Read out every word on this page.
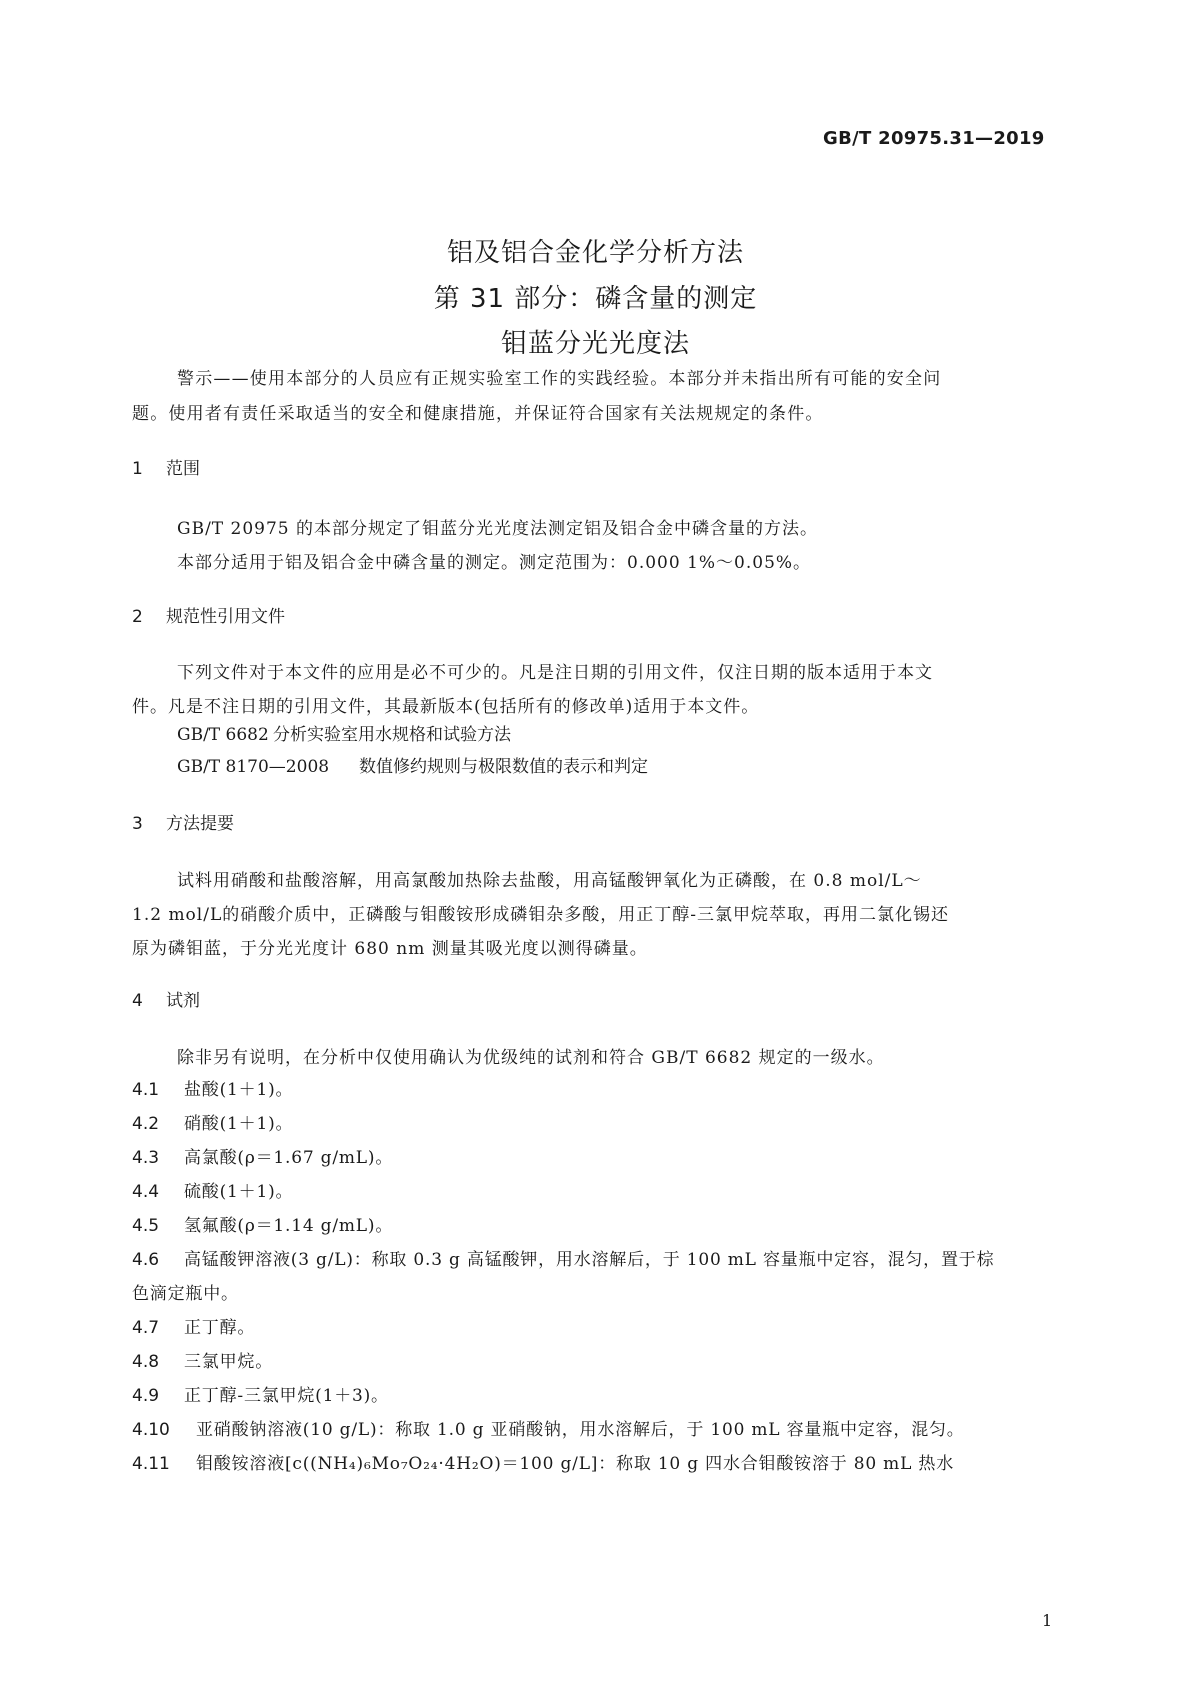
GB/T 20975.31—2019
铝及铝合金化学分析方法
第 31 部分：磷含量的测定
钼蓝分光光度法

警示——使用本部分的人员应有正规实验室工作的实践经验。本部分并未指出所有可能的安全问

题。使用者有责任采取适当的安全和健康措施，并保证符合国家有关法规规定的条件。

1 范围

GB/T 20975 的本部分规定了钼蓝分光光度法测定铝及铝合金中磷含量的方法。

本部分适用于铝及铝合金中磷含量的测定。测定范围为：0.000 1%～0.05%。

2 规范性引用文件

下列文件对于本文件的应用是必不可少的。凡是注日期的引用文件，仅注日期的版本适用于本文

件。凡是不注日期的引用文件，其最新版本(包括所有的修改单)适用于本文件。

GB/T 6682 分析实验室用水规格和试验方法
GB/T 8170—2008 数值修约规则与极限数值的表示和判定
3 方法提要

试料用硝酸和盐酸溶解，用高氯酸加热除去盐酸，用高锰酸钾氧化为正磷酸，在 0.8 mol/L～

1.2 mol/L的硝酸介质中，正磷酸与钼酸铵形成磷钼杂多酸，用正丁醇-三氯甲烷萃取，再用二氯化锡还

原为磷钼蓝，于分光光度计 680 nm 测量其吸光度以测得磷量。

4 试剂

除非另有说明，在分析中仅使用确认为优级纯的试剂和符合 GB/T 6682 规定的一级水。

4.1 盐酸(1＋1)。

4.2 硝酸(1＋1)。

4.3 高氯酸(ρ＝1.67 g/mL)。

4.4 硫酸(1＋1)。

4.5 氢氟酸(ρ＝1.14 g/mL)。

4.6 高锰酸钾溶液(3 g/L)：称取 0.3 g 高锰酸钾，用水溶解后，于 100 mL 容量瓶中定容，混匀，置于棕

色滴定瓶中。

4.7 正丁醇。

4.8 三氯甲烷。

4.9 正丁醇-三氯甲烷(1＋3)。

4.10 亚硝酸钠溶液(10 g/L)：称取 1.0 g 亚硝酸钠，用水溶解后，于 100 mL 容量瓶中定容，混匀。

4.11 钼酸铵溶液[c((NH₄)₆Mo₇O₂₄·4H₂O)＝100 g/L]：称取 10 g 四水合钼酸铵溶于 80 mL 热水

1
